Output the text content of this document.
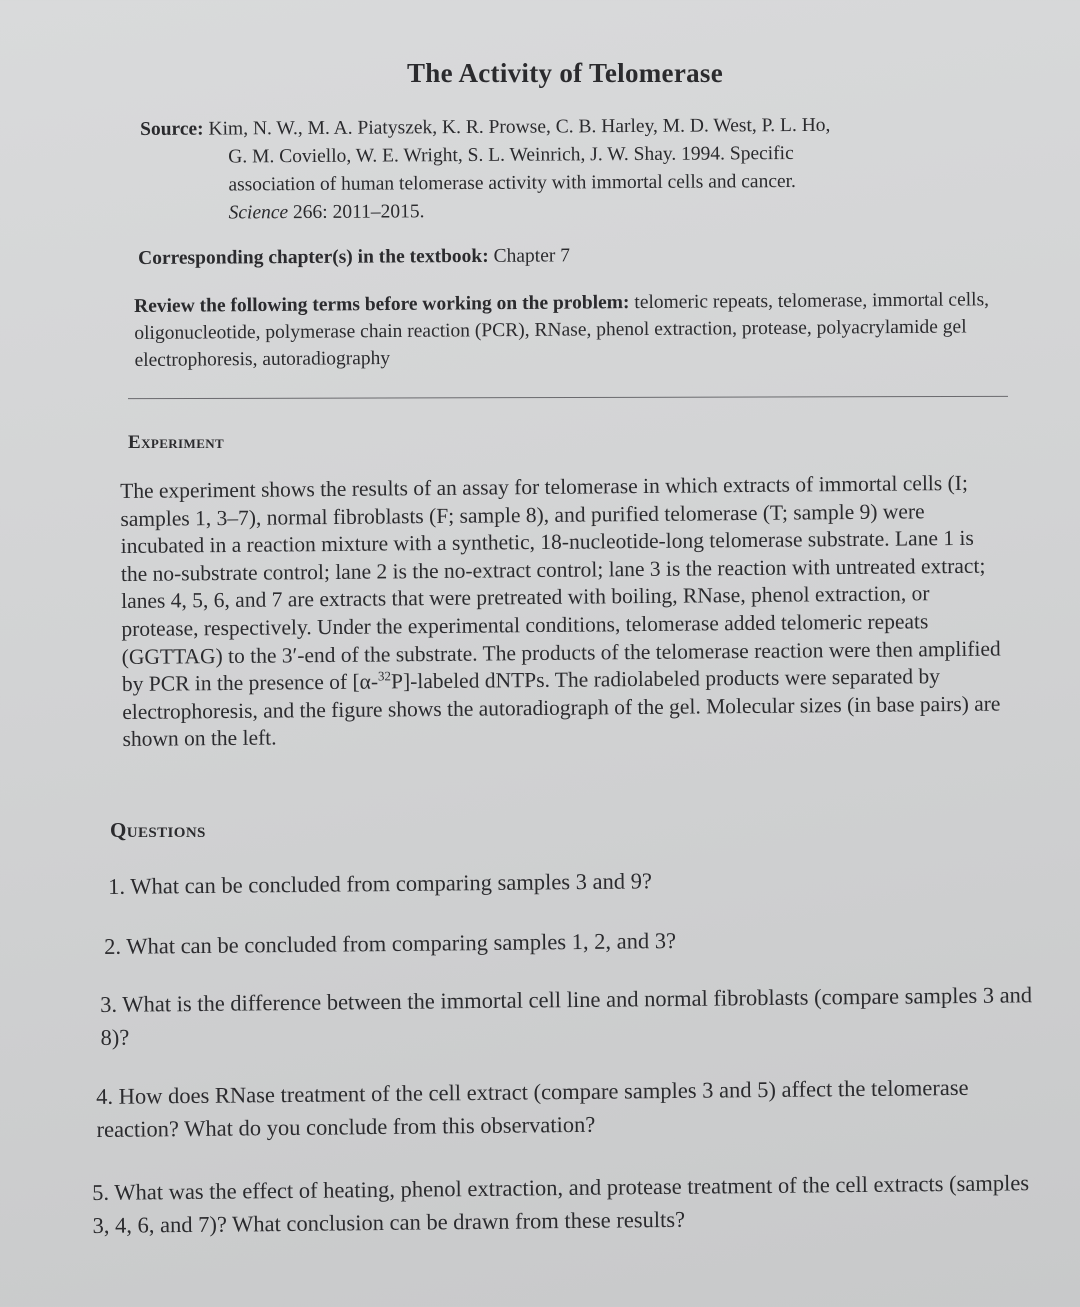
The Activity of Telomerase
Source: Kim, N. W., M. A. Piatyszek, K. R. Prowse, C. B. Harley, M. D. West, P. L. Ho,
G. M. Coviello, W. E. Wright, S. L. Weinrich, J. W. Shay. 1994. Specific
association of human telomerase activity with immortal cells and cancer.
Science 266: 2011–2015.
Corresponding chapter(s) in the textbook: Chapter 7
Review the following terms before working on the problem: telomeric repeats, telomerase, immortal cells, oligonucleotide, polymerase chain reaction (PCR), RNase, phenol extraction, protease, polyacrylamide gel electrophoresis, autoradiography
Experiment
The experiment shows the results of an assay for telomerase in which extracts of immortal cells (I; samples 1, 3–7), normal fibroblasts (F; sample 8), and purified telomerase (T; sample 9) were incubated in a reaction mixture with a synthetic, 18-nucleotide-long telomerase substrate. Lane 1 is the no-substrate control; lane 2 is the no-extract control; lane 3 is the reaction with untreated extract; lanes 4, 5, 6, and 7 are extracts that were pretreated with boiling, RNase, phenol extraction, or protease, respectively. Under the experimental conditions, telomerase added telomeric repeats (GGTTAG) to the 3′-end of the substrate. The products of the telomerase reaction were then amplified by PCR in the presence of [α-$^{32}$P]-labeled dNTPs. The radiolabeled products were separated by electrophoresis, and the figure shows the autoradiograph of the gel. Molecular sizes (in base pairs) are shown on the left.
Questions
1. What can be concluded from comparing samples 3 and 9?
2. What can be concluded from comparing samples 1, 2, and 3?
3. What is the difference between the immortal cell line and normal fibroblasts (compare samples 3 and 8)?
4. How does RNase treatment of the cell extract (compare samples 3 and 5) affect the telomerase reaction? What do you conclude from this observation?
5. What was the effect of heating, phenol extraction, and protease treatment of the cell extracts (samples 3, 4, 6, and 7)? What conclusion can be drawn from these results?
